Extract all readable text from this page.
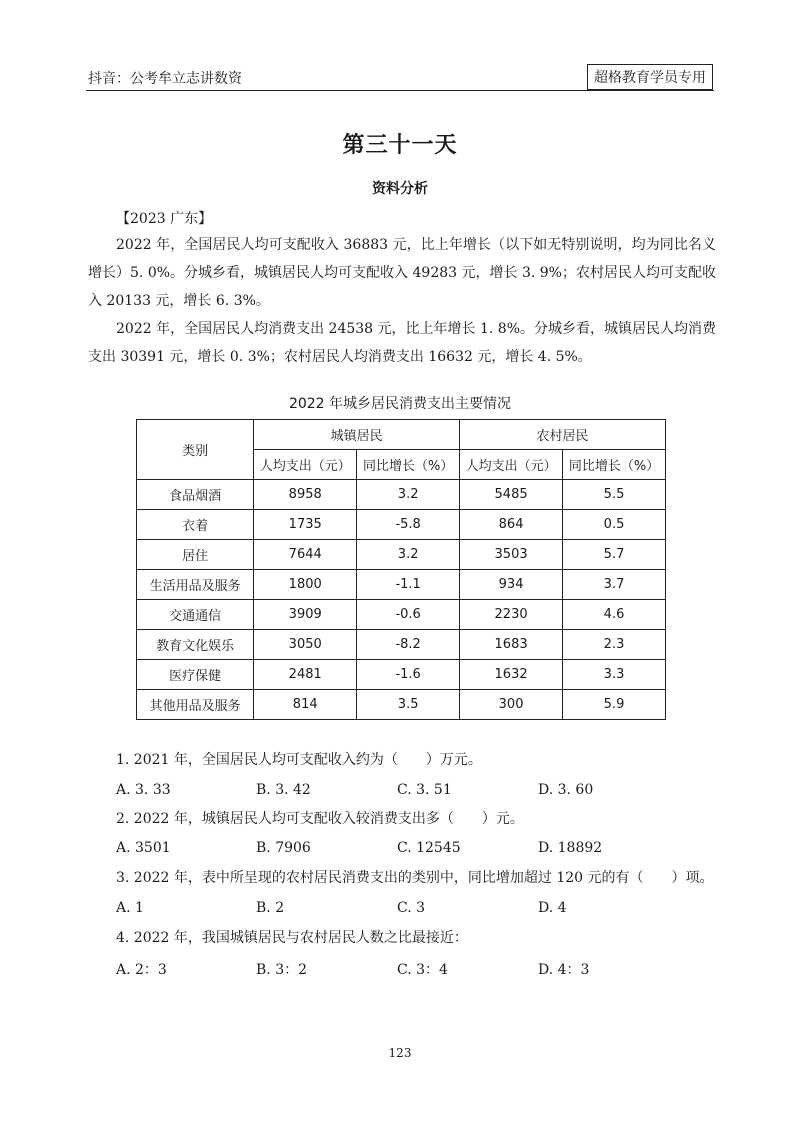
抖音：公考牟立志讲数资	超格教育学员专用
第三十一天
资料分析
【2023 广东】
2022 年，全国居民人均可支配收入 36883 元，比上年增长（以下如无特别说明，均为同比名义增长）5. 0%。分城乡看，城镇居民人均可支配收入 49283 元，增长 3. 9%；农村居民人均可支配收入 20133 元，增长 6. 3%。
2022 年，全国居民人均消费支出 24538 元，比上年增长 1. 8%。分城乡看，城镇居民人均消费支出 30391 元，增长 0. 3%；农村居民人均消费支出 16632 元，增长 4. 5%。
2022 年城乡居民消费支出主要情况
类别	城镇居民		农村居民	
	人均支出（元）	同比增长（%）	人均支出（元）	同比增长（%）
食品烟酒	8958	3.2	5485	5.5
衣着	1735	-5.8	864	0.5
居住	7644	3.2	3503	5.7
生活用品及服务	1800	-1.1	934	3.7
交通通信	3909	-0.6	2230	4.6
教育文化娱乐	3050	-8.2	1683	2.3
医疗保健	2481	-1.6	1632	3.3
其他用品及服务	814	3.5	300	5.9
1. 2021 年，全国居民人均可支配收入约为（　　）万元。
A. 3. 33	B. 3. 42	C. 3. 51	D. 3. 60
2. 2022 年，城镇居民人均可支配收入较消费支出多（　　）元。
A. 3501	B. 7906	C. 12545	D. 18892
3. 2022 年，表中所呈现的农村居民消费支出的类别中，同比增加超过 120 元的有（　　）项。
A. 1	B. 2	C. 3	D. 4
4. 2022 年，我国城镇居民与农村居民人数之比最接近：
A. 2：3	B. 3：2	C. 3：4	D. 4：3
123
